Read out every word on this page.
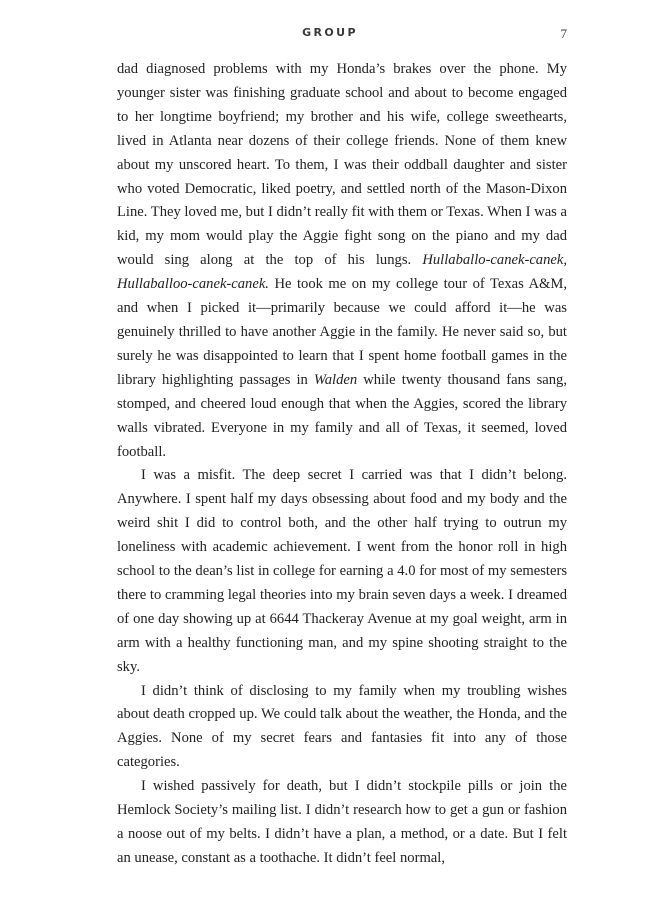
GROUP	7

dad diagnosed problems with my Honda’s brakes over the phone. My younger sister was finishing graduate school and about to become engaged to her longtime boyfriend; my brother and his wife, college sweethearts, lived in Atlanta near dozens of their college friends. None of them knew about my unscored heart. To them, I was their oddball daughter and sister who voted Democratic, liked poetry, and settled north of the Mason-Dixon Line. They loved me, but I didn’t really fit with them or Texas. When I was a kid, my mom would play the Aggie fight song on the piano and my dad would sing along at the top of his lungs. Hullaballo-canek-canek, Hullaballoo-canek-canek. He took me on my college tour of Texas A&M, and when I picked it—primarily because we could afford it—he was genuinely thrilled to have another Aggie in the family. He never said so, but surely he was disappointed to learn that I spent home football games in the library highlighting passages in Walden while twenty thousand fans sang, stomped, and cheered loud enough that when the Aggies, scored the library walls vibrated. Everyone in my family and all of Texas, it seemed, loved football.

I was a misfit. The deep secret I carried was that I didn’t belong. Anywhere. I spent half my days obsessing about food and my body and the weird shit I did to control both, and the other half trying to outrun my loneliness with academic achievement. I went from the honor roll in high school to the dean’s list in college for earning a 4.0 for most of my semesters there to cramming legal theories into my brain seven days a week. I dreamed of one day showing up at 6644 Thackeray Avenue at my goal weight, arm in arm with a healthy functioning man, and my spine shooting straight to the sky.

I didn’t think of disclosing to my family when my troubling wishes about death cropped up. We could talk about the weather, the Honda, and the Aggies. None of my secret fears and fantasies fit into any of those categories.

I wished passively for death, but I didn’t stockpile pills or join the Hemlock Society’s mailing list. I didn’t research how to get a gun or fashion a noose out of my belts. I didn’t have a plan, a method, or a date. But I felt an unease, constant as a toothache. It didn’t feel normal,
